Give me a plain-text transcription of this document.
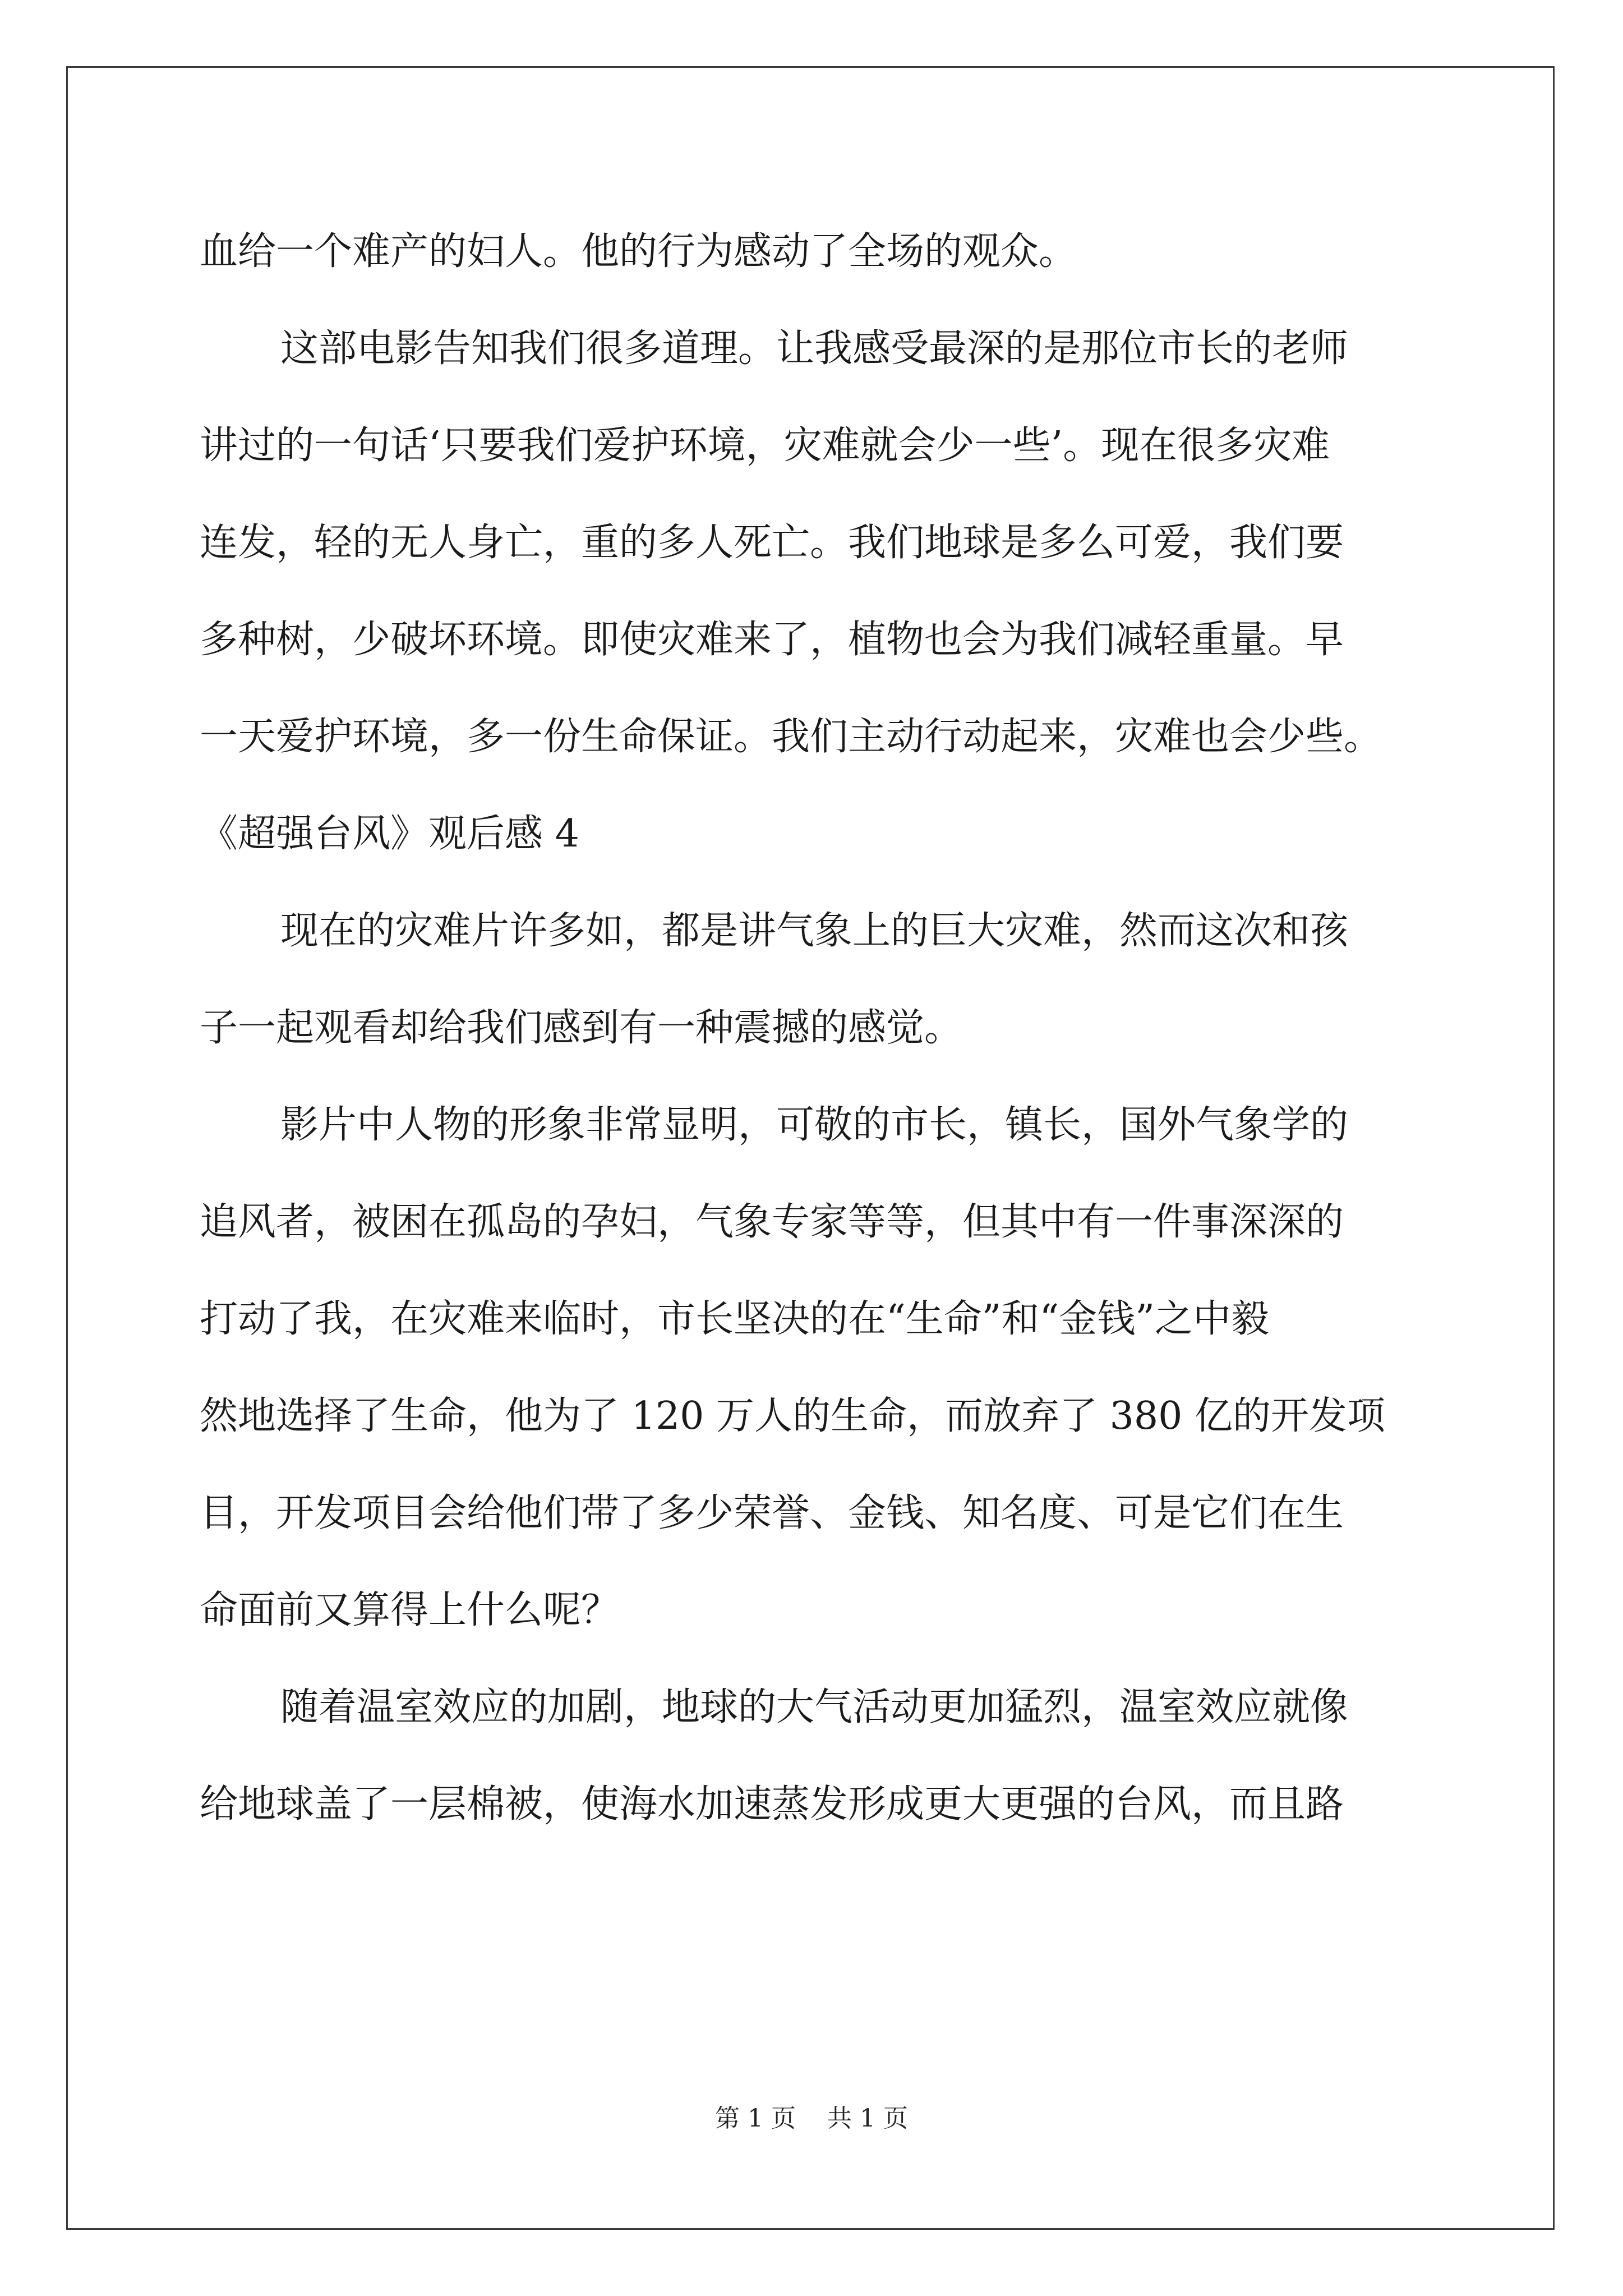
血给一个难产的妇人。他的行为感动了全场的观众。
这部电影告知我们很多道理。让我感受最深的是那位市长的老师
讲过的一句话‘只要我们爱护环境，灾难就会少一些’。现在很多灾难
连发，轻的无人身亡，重的多人死亡。我们地球是多么可爱，我们要
多种树，少破坏环境。即使灾难来了，植物也会为我们减轻重量。早
一天爱护环境，多一份生命保证。我们主动行动起来，灾难也会少些。
《超强台风》观后感 4
现在的灾难片许多如，都是讲气象上的巨大灾难，然而这次和孩
子一起观看却给我们感到有一种震撼的感觉。
影片中人物的形象非常显明，可敬的市长，镇长，国外气象学的
追风者，被困在孤岛的孕妇，气象专家等等，但其中有一件事深深的
打动了我，在灾难来临时，市长坚决的在“生命”和“金钱”之中毅
然地选择了生命，他为了 120 万人的生命，而放弃了 380 亿的开发项
目，开发项目会给他们带了多少荣誉、金钱、知名度、可是它们在生
命面前又算得上什么呢？
随着温室效应的加剧，地球的大气活动更加猛烈，温室效应就像
给地球盖了一层棉被，使海水加速蒸发形成更大更强的台风，而且路
第 1 页 共 1 页
